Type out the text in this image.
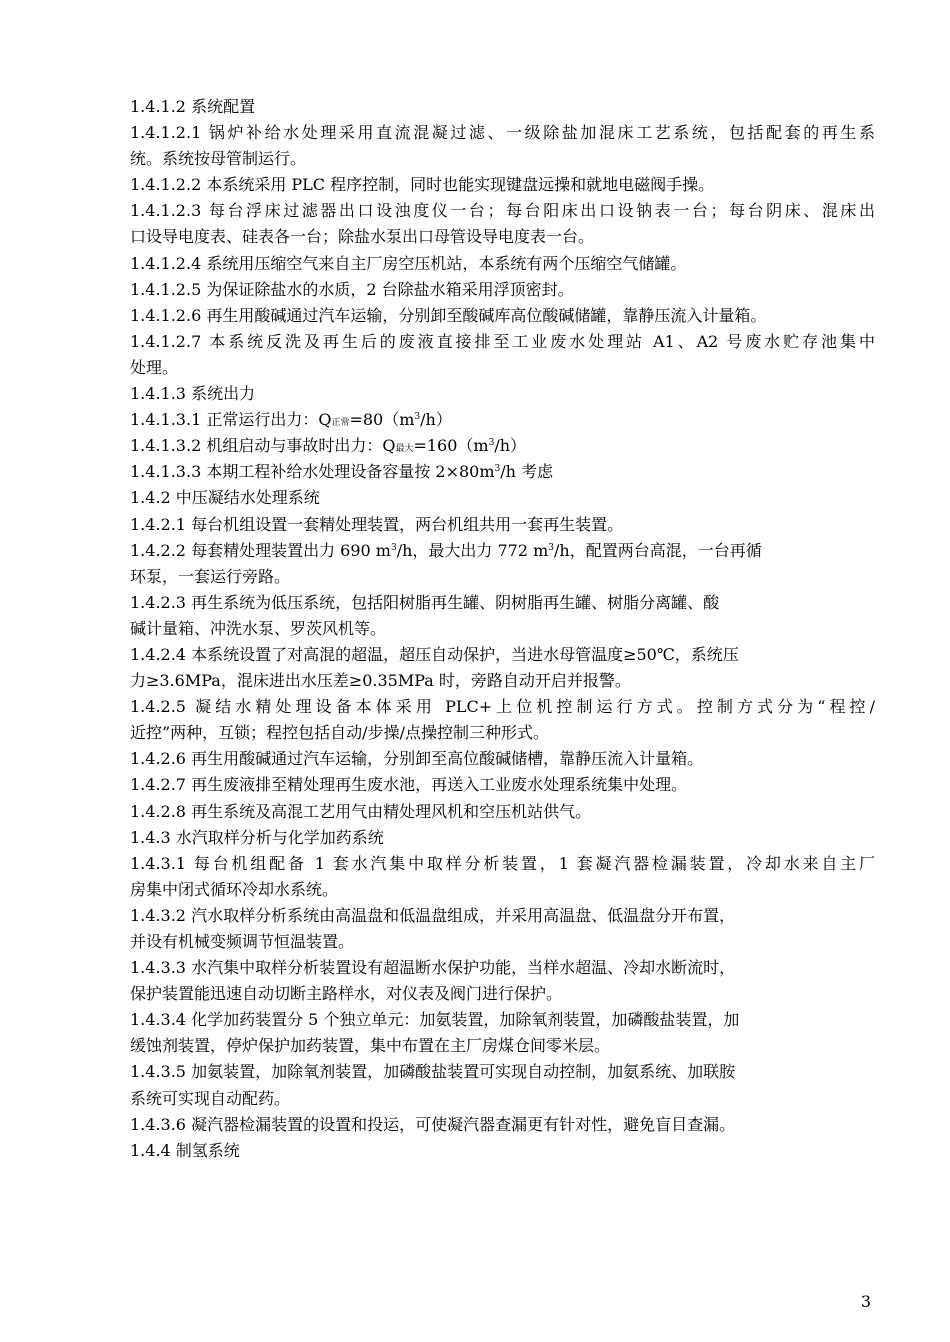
1.4.1.2 系统配置
1.4.1.2.1 锅炉补给水处理采用直流混凝过滤、一级除盐加混床工艺系统，包括配套的再生系
统。系统按母管制运行。
1.4.1.2.2 本系统采用 PLC 程序控制，同时也能实现键盘远操和就地电磁阀手操。
1.4.1.2.3 每台浮床过滤器出口设浊度仪一台；每台阳床出口设钠表一台；每台阴床、混床出
口设导电度表、硅表各一台；除盐水泵出口母管设导电度表一台。
1.4.1.2.4 系统用压缩空气来自主厂房空压机站，本系统有两个压缩空气储罐。
1.4.1.2.5 为保证除盐水的水质，2 台除盐水箱采用浮顶密封。
1.4.1.2.6 再生用酸碱通过汽车运输，分别卸至酸碱库高位酸碱储罐，靠静压流入计量箱。
1.4.1.2.7 本系统反洗及再生后的废液直接排至工业废水处理站 A1、A2 号废水贮存池集中
处理。
1.4.1.3 系统出力
1.4.1.3.1 正常运行出力：Q正常$=80(m^3/h)$
1.4.1.3.2 机组启动与事故时出力：Q最大$=160(m^3/h)$
1.4.1.3.3 本期工程补给水处理设备容量按 $2\times 80m^3/h$ 考虑
1.4.2 中压凝结水处理系统
1.4.2.1 每台机组设置一套精处理装置，两台机组共用一套再生装置。
1.4.2.2 每套精处理装置出力 690 $m^3/h$，最大出力 772 $m^3/h$，配置两台高混，一台再循
环泵，一套运行旁路。
1.4.2.3 再生系统为低压系统，包括阳树脂再生罐、阴树脂再生罐、树脂分离罐、酸
碱计量箱、冲洗水泵、罗茨风机等。
1.4.2.4 本系统设置了对高混的超温，超压自动保护，当进水母管温度≥50℃，系统压
力≥3.6MPa，混床进出水压差≥0.35MPa 时，旁路自动开启并报警。
1.4.2.5 凝结水精处理设备本体采用 PLC+上位机控制运行方式。控制方式分为“程控/
近控”两种，互锁；程控包括自动/步操/点操控制三种形式。
1.4.2.6 再生用酸碱通过汽车运输，分别卸至高位酸碱储槽，靠静压流入计量箱。
1.4.2.7 再生废液排至精处理再生废水池，再送入工业废水处理系统集中处理。
1.4.2.8 再生系统及高混工艺用气由精处理风机和空压机站供气。
1.4.3 水汽取样分析与化学加药系统
1.4.3.1 每台机组配备 1 套水汽集中取样分析装置，1 套凝汽器检漏装置，冷却水来自主厂
房集中闭式循环冷却水系统。
1.4.3.2 汽水取样分析系统由高温盘和低温盘组成，并采用高温盘、低温盘分开布置，
并设有机械变频调节恒温装置。
1.4.3.3 水汽集中取样分析装置设有超温断水保护功能，当样水超温、冷却水断流时，
保护装置能迅速自动切断主路样水，对仪表及阀门进行保护。
1.4.3.4 化学加药装置分 5 个独立单元：加氨装置，加除氧剂装置，加磷酸盐装置，加
缓蚀剂装置，停炉保护加药装置，集中布置在主厂房煤仓间零米层。
1.4.3.5 加氨装置，加除氧剂装置，加磷酸盐装置可实现自动控制，加氨系统、加联胺
系统可实现自动配药。
1.4.3.6 凝汽器检漏装置的设置和投运，可使凝汽器查漏更有针对性，避免盲目查漏。
1.4.4 制氢系统
3
